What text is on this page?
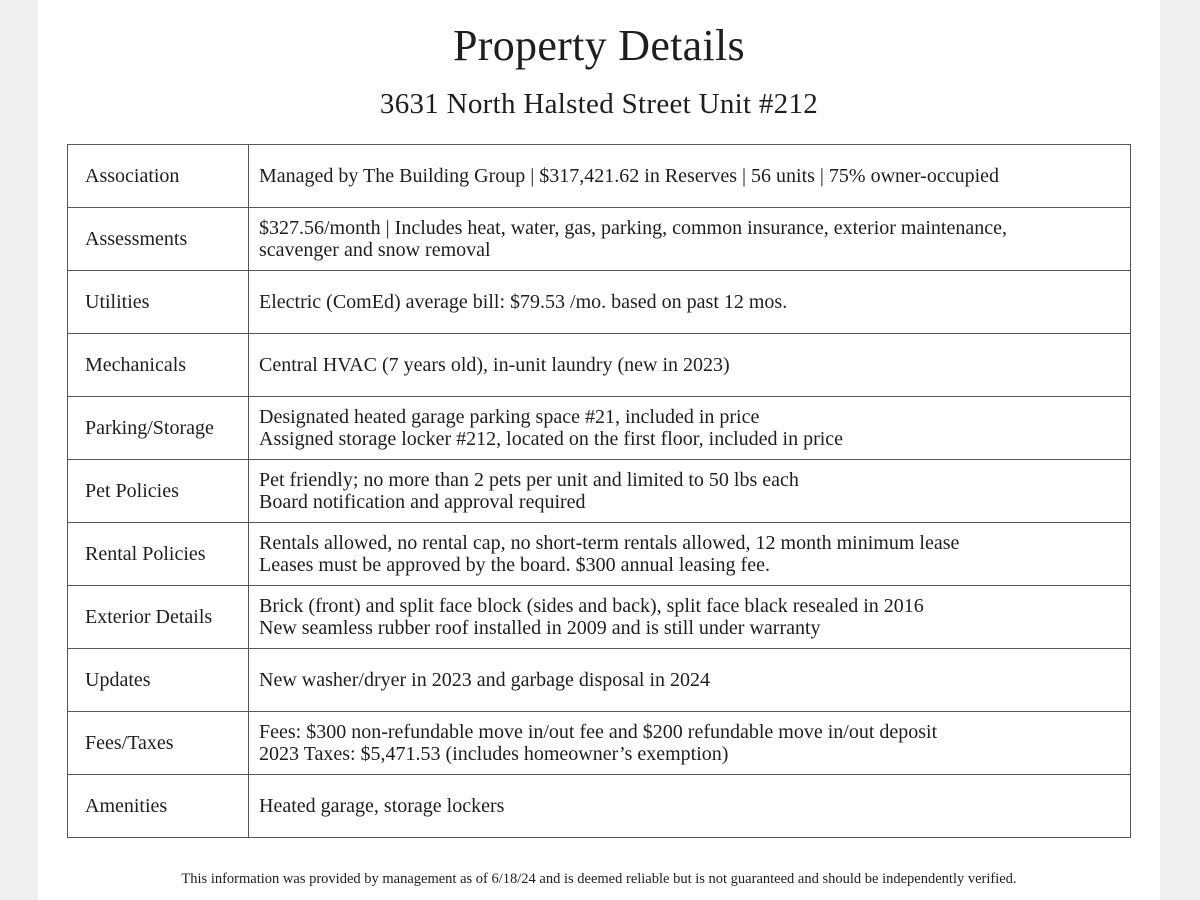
Property Details
3631 North Halsted Street Unit #212
Association	Managed by The Building Group | $317,421.62 in Reserves | 56 units | 75% owner-occupied

Assessments	$327.56/month | Includes heat, water, gas, parking, common insurance, exterior maintenance,
scavenger and snow removal

Utilities	Electric (ComEd) average bill: $79.53 /mo. based on past 12 mos.

Mechanicals	Central HVAC (7 years old), in-unit laundry (new in 2023)

Parking/Storage	Designated heated garage parking space #21, included in price
Assigned storage locker #212, located on the first floor, included in price

Pet Policies	Pet friendly; no more than 2 pets per unit and limited to 50 lbs each
Board notification and approval required

Rental Policies	Rentals allowed, no rental cap, no short-term rentals allowed, 12 month minimum lease
Leases must be approved by the board. $300 annual leasing fee.

Exterior Details	Brick (front) and split face block (sides and back), split face black resealed in 2016
New seamless rubber roof installed in 2009 and is still under warranty

Updates	New washer/dryer in 2023 and garbage disposal in 2024

Fees/Taxes	Fees: $300 non-refundable move in/out fee and $200 refundable move in/out deposit
2023 Taxes: $5,471.53 (includes homeowner’s exemption)

Amenities	Heated garage, storage lockers
This information was provided by management as of 6/18/24 and is deemed reliable but is not guaranteed and should be independently verified.
